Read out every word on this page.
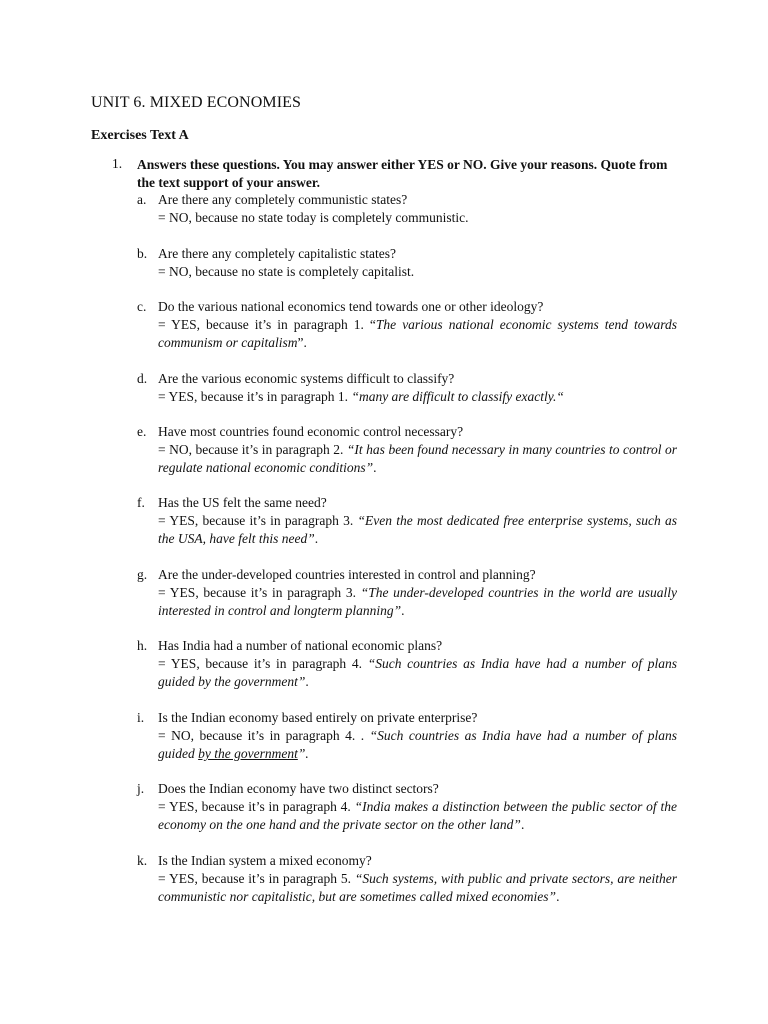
UNIT 6. MIXED ECONOMIES
Exercises Text A
1. Answers these questions. You may answer either YES or NO. Give your reasons. Quote from the text support of your answer.
a. Are there any completely communistic states?
= NO, because no state today is completely communistic.
b. Are there any completely capitalistic states?
= NO, because no state is completely capitalist.
c. Do the various national economics tend towards one or other ideology?
= YES, because it’s in paragraph 1. “The various national economic systems tend towards communism or capitalism”.
d. Are the various economic systems difficult to classify?
= YES, because it’s in paragraph 1. “many are difficult to classify exactly.“
e. Have most countries found economic control necessary?
= NO, because it’s in paragraph 2. “It has been found necessary in many countries to control or regulate national economic conditions”.
f. Has the US felt the same need?
= YES, because it’s in paragraph 3. “Even the most dedicated free enterprise systems, such as the USA, have felt this need”.
g. Are the under-developed countries interested in control and planning?
= YES, because it’s in paragraph 3. “The under-developed countries in the world are usually interested in control and longterm planning”.
h. Has India had a number of national economic plans?
= YES, because it’s in paragraph 4. “Such countries as India have had a number of plans guided by the government”.
i. Is the Indian economy based entirely on private enterprise?
= NO, because it’s in paragraph 4. . “Such countries as India have had a number of plans guided by the government”.
j. Does the Indian economy have two distinct sectors?
= YES, because it’s in paragraph 4. “India makes a distinction between the public sector of the economy on the one hand and the private sector on the other land”.
k. Is the Indian system a mixed economy?
= YES, because it’s in paragraph 5. “Such systems, with public and private sectors, are neither communistic nor capitalistic, but are sometimes called mixed economies”.
